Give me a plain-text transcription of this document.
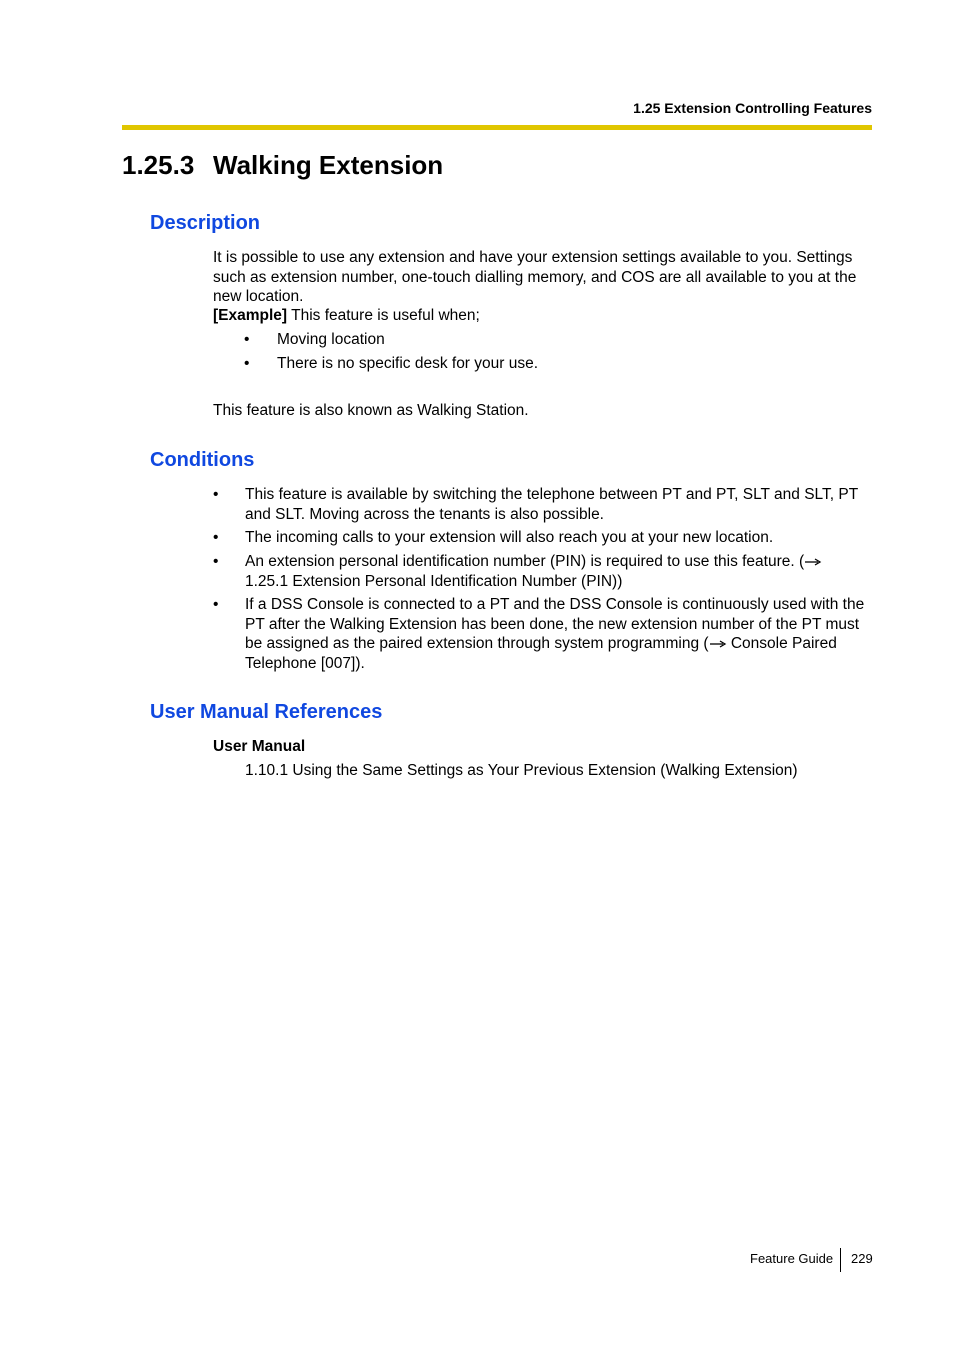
1.25 Extension Controlling Features
1.25.3 Walking Extension
Description
It is possible to use any extension and have your extension settings available to you. Settings such as extension number, one-touch dialling memory, and COS are all available to you at the new location.
[Example] This feature is useful when;
• Moving location
• There is no specific desk for your use.
This feature is also known as Walking Station.
Conditions
• This feature is available by switching the telephone between PT and PT, SLT and SLT, PT and SLT. Moving across the tenants is also possible.
• The incoming calls to your extension will also reach you at your new location.
• An extension personal identification number (PIN) is required to use this feature. (
1.25.1 Extension Personal Identification Number (PIN))
• If a DSS Console is connected to a PT and the DSS Console is continuously used with the PT after the Walking Extension has been done, the new extension number of the PT must be assigned as the paired extension through system programming ( Console Paired Telephone [007]).
User Manual References
User Manual
1.10.1 Using the Same Settings as Your Previous Extension (Walking Extension)
Feature Guide 229
